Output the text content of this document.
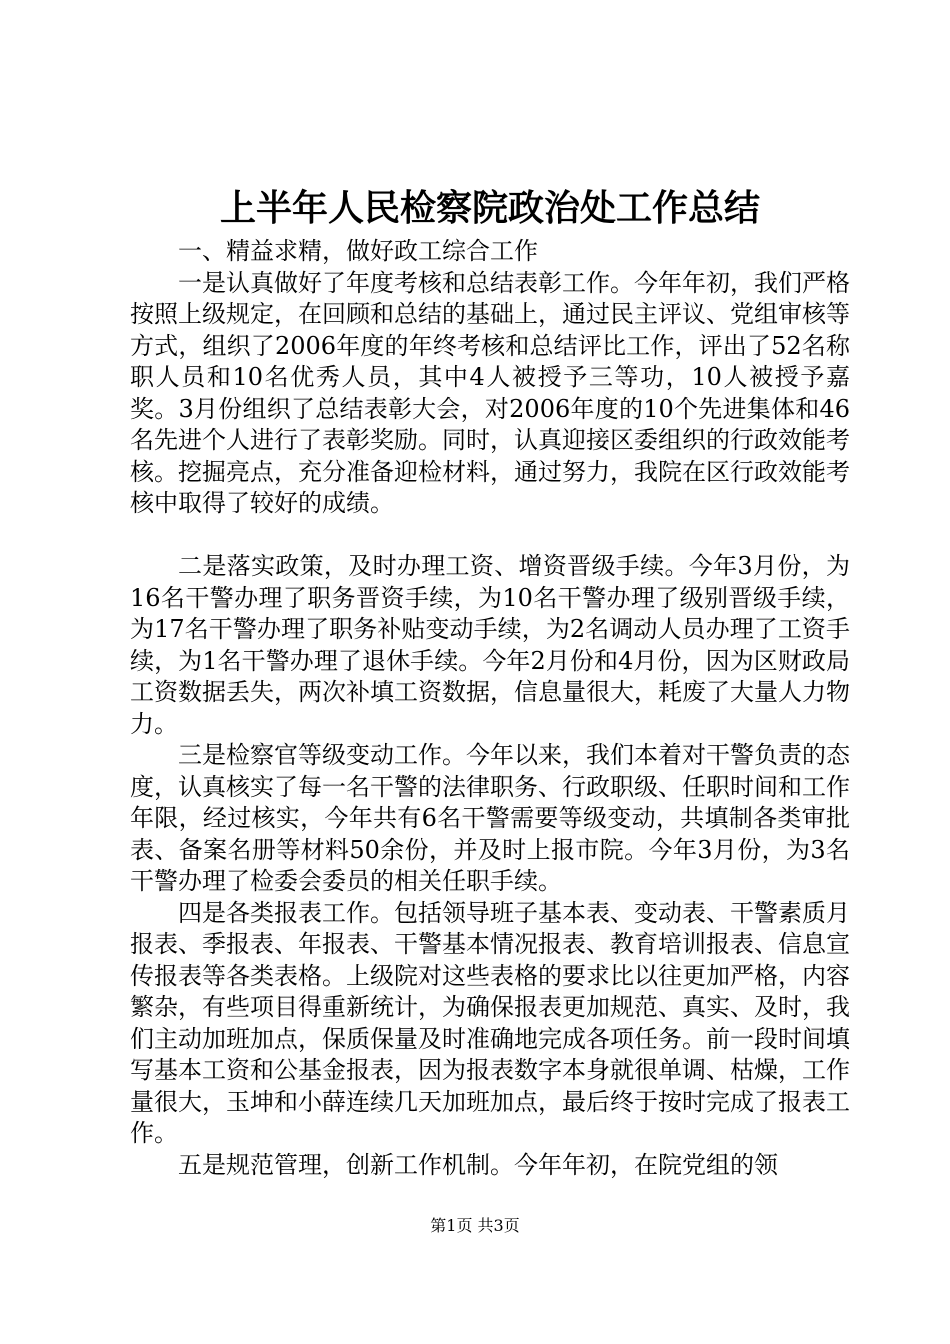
上半年人民检察院政治处工作总结

一、精益求精，做好政工综合工作

一是认真做好了年度考核和总结表彰工作。今年年初，我们严格按照上级规定，在回顾和总结的基础上，通过民主评议、党组审核等方式，组织了2006年度的年终考核和总结评比工作，评出了52名称职人员和10名优秀人员，其中4人被授予三等功，10人被授予嘉奖。3月份组织了总结表彰大会，对2006年度的10个先进集体和46名先进个人进行了表彰奖励。同时，认真迎接区委组织的行政效能考核。挖掘亮点，充分准备迎检材料，通过努力，我院在区行政效能考核中取得了较好的成绩。

二是落实政策，及时办理工资、增资晋级手续。今年3月份，为16名干警办理了职务晋资手续，为10名干警办理了级别晋级手续，为17名干警办理了职务补贴变动手续，为2名调动人员办理了工资手续，为1名干警办理了退休手续。今年2月份和4月份，因为区财政局工资数据丢失，两次补填工资数据，信息量很大，耗废了大量人力物力。

三是检察官等级变动工作。今年以来，我们本着对干警负责的态度，认真核实了每一名干警的法律职务、行政职级、任职时间和工作年限，经过核实，今年共有6名干警需要等级变动，共填制各类审批表、备案名册等材料50余份，并及时上报市院。今年3月份，为3名干警办理了检委会委员的相关任职手续。

四是各类报表工作。包括领导班子基本表、变动表、干警素质月报表、季报表、年报表、干警基本情况报表、教育培训报表、信息宣传报表等各类表格。上级院对这些表格的要求比以往更加严格，内容繁杂，有些项目得重新统计，为确保报表更加规范、真实、及时，我们主动加班加点，保质保量及时准确地完成各项任务。前一段时间填写基本工资和公基金报表，因为报表数字本身就很单调、枯燥，工作量很大，玉坤和小薛连续几天加班加点，最后终于按时完成了报表工作。

五是规范管理，创新工作机制。今年年初，在院党组的领

第1页 共3页
